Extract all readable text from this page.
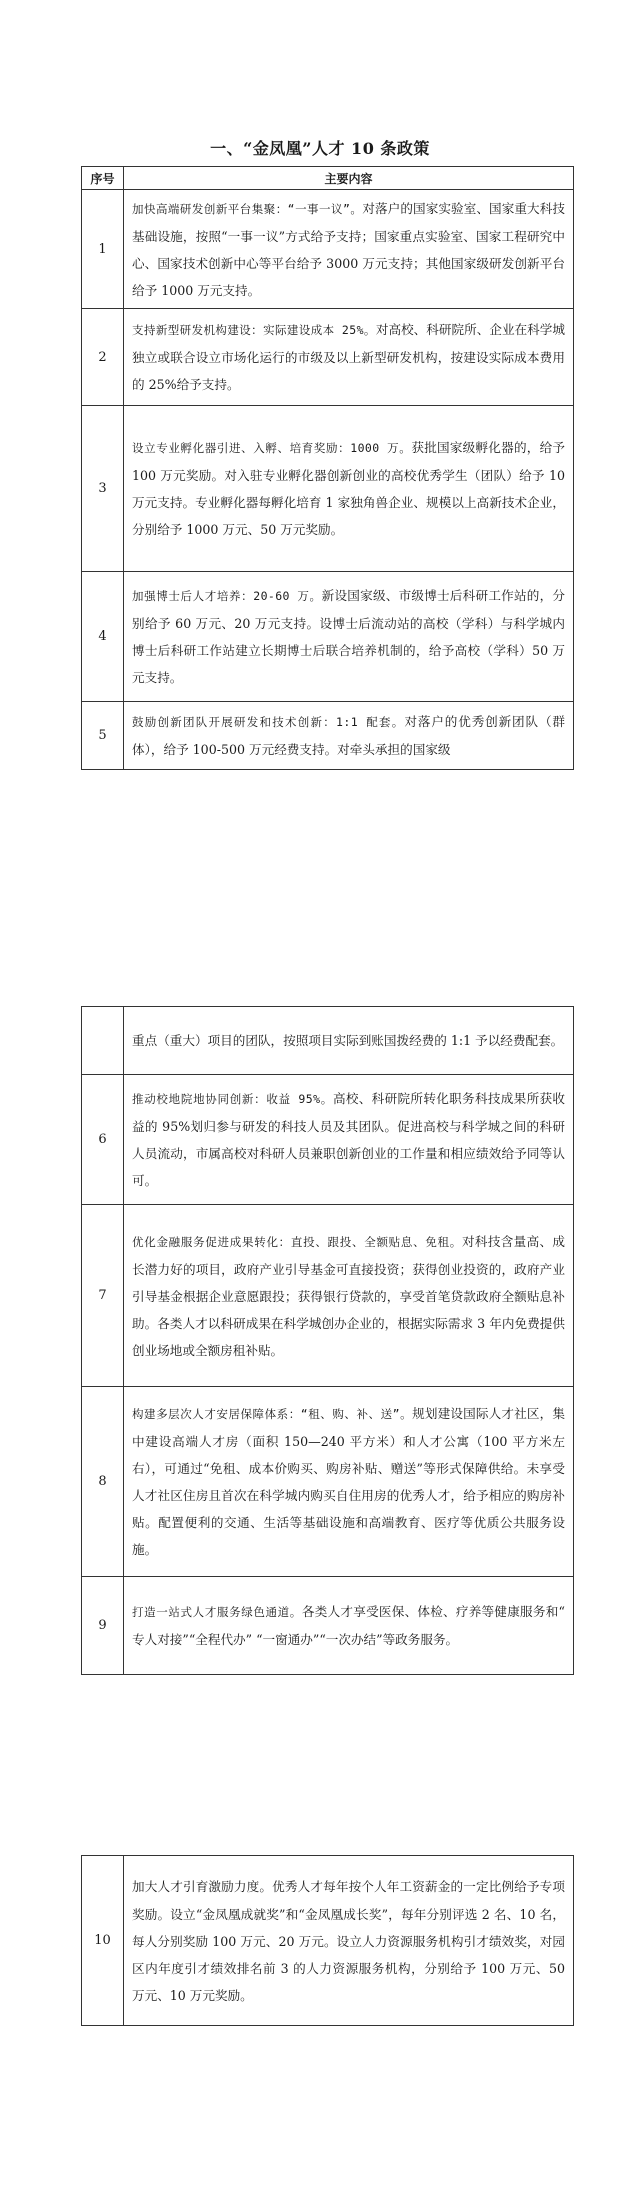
一、“金凤凰”人才 10 条政策
序号	主要内容
1	加快高端研发创新平台集聚：“一事一议”。对落户的国家实验室、国家重大科技基础设施，按照“一事一议”方式给予支持；国家重点实验室、国家工程研究中心、国家技术创新中心等平台给予 3000 万元支持；其他国家级研发创新平台给予 1000 万元支持。
2	支持新型研发机构建设：实际建设成本 25%。对高校、科研院所、企业在科学城独立或联合设立市场化运行的市级及以上新型研发机构，按建设实际成本费用的 25%给予支持。
3	设立专业孵化器引进、入孵、培育奖励：1000 万。获批国家级孵化器的，给予 100 万元奖励。对入驻专业孵化器创新创业的高校优秀学生（团队）给予 10 万元支持。专业孵化器每孵化培育 1 家独角兽企业、规模以上高新技术企业，分别给予 1000 万元、50 万元奖励。
4	加强博士后人才培养：20-60 万。新设国家级、市级博士后科研工作站的，分别给予 60 万元、20 万元支持。设博士后流动站的高校（学科）与科学城内博士后科研工作站建立长期博士后联合培养机制的，给予高校（学科）50 万元支持。
5	鼓励创新团队开展研发和技术创新：1:1 配套。对落户的优秀创新团队（群体），给予 100-500 万元经费支持。对牵头承担的国家级
	重点（重大）项目的团队，按照项目实际到账国拨经费的 1:1 予以经费配套。
6	推动校地院地协同创新：收益 95%。高校、科研院所转化职务科技成果所获收益的 95%划归参与研发的科技人员及其团队。促进高校与科学城之间的科研人员流动，市属高校对科研人员兼职创新创业的工作量和相应绩效给予同等认可。
7	优化金融服务促进成果转化：直投、跟投、全额贴息、免租。对科技含量高、成长潜力好的项目，政府产业引导基金可直接投资；获得创业投资的，政府产业引导基金根据企业意愿跟投；获得银行贷款的，享受首笔贷款政府全额贴息补助。各类人才以科研成果在科学城创办企业的，根据实际需求 3 年内免费提供创业场地或全额房租补贴。
8	构建多层次人才安居保障体系：“租、购、补、送”。规划建设国际人才社区，集中建设高端人才房（面积 150—240 平方米）和人才公寓（100 平方米左右），可通过“免租、成本价购买、购房补贴、赠送”等形式保障供给。未享受人才社区住房且首次在科学城内购买自住用房的优秀人才，给予相应的购房补贴。配置便利的交通、生活等基础设施和高端教育、医疗等优质公共服务设施。
9	打造一站式人才服务绿色通道。各类人才享受医保、体检、疗养等健康服务和“ 专人对接”“全程代办” “一窗通办”“一次办结”等政务服务。
10	加大人才引育激励力度。优秀人才每年按个人年工资薪金的一定比例给予专项奖励。设立“金凤凰成就奖”和“金凤凰成长奖”，每年分别评选 2 名、10 名，每人分别奖励 100 万元、20 万元。设立人力资源服务机构引才绩效奖，对园区内年度引才绩效排名前 3 的人力资源服务机构，分别给予 100 万元、50 万元、10 万元奖励。
